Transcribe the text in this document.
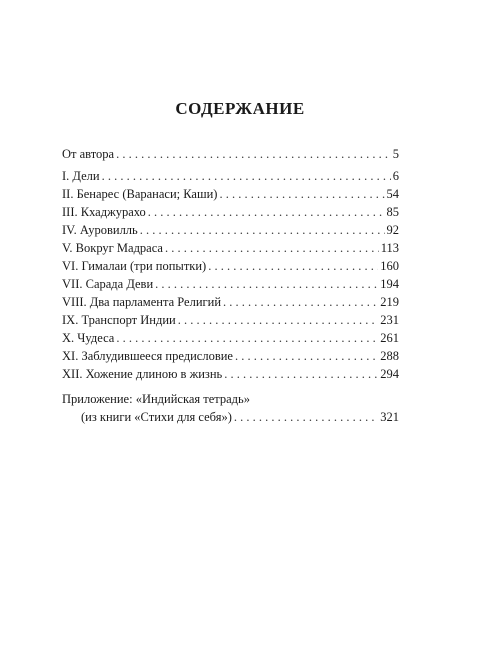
СОДЕРЖАНИЕ
От автора . . .	5
I. Дели . . .	6
II. Бенарес (Варанаси; Каши) . . .	54
III. Кхаджурахо . . .	85
IV. Ауровилль . . .	92
V. Вокруг Мадраса . . .	113
VI. Гималаи (три попытки) . . .	160
VII. Сарада Деви . . .	194
VIII. Два парламента Религий . . .	219
IX. Транспорт Индии . . .	231
X. Чудеса . . .	261
XI. Заблудившееся предисловие . . .	288
XII. Хожение длиною в жизнь . . .	294
Приложение: «Индийская тетрадь»
(из книги «Стихи для себя») . . .	321
